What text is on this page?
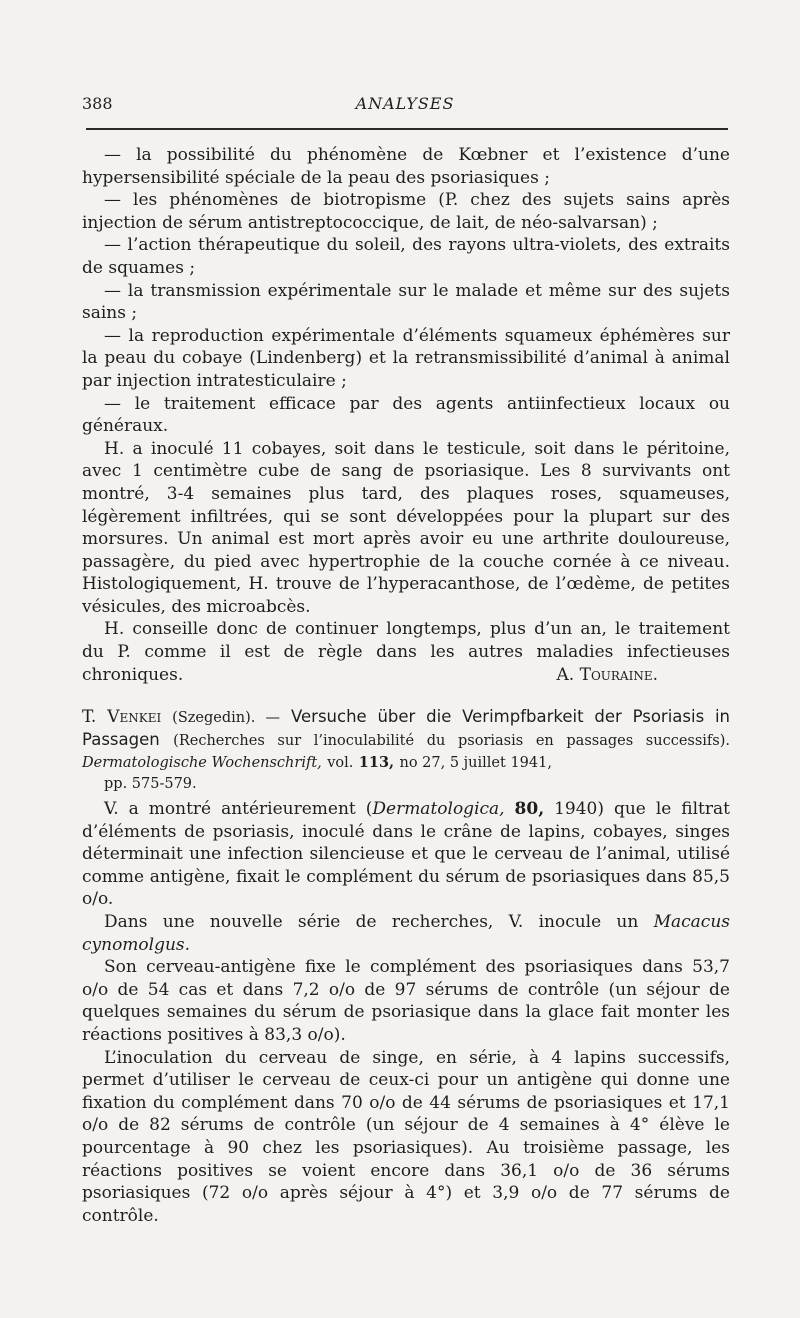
388	ANALYSES

— la possibilité du phénomène de Kœbner et l’existence d’une hypersensibilité spéciale de la peau des psoriasiques ;

— les phénomènes de biotropisme (P. chez des sujets sains après injection de sérum antistreptococcique, de lait, de néo-salvarsan) ;

— l’action thérapeutique du soleil, des rayons ultra-violets, des extraits de squames ;

— la transmission expérimentale sur le malade et même sur des sujets sains ;

— la reproduction expérimentale d’éléments squameux éphémères sur la peau du cobaye (Lindenberg) et la retransmissibilité d’animal à animal par injection intratesticulaire ;

— le traitement efficace par des agents antiinfectieux locaux ou généraux.

H. a inoculé 11 cobayes, soit dans le testicule, soit dans le péritoine, avec 1 centimètre cube de sang de psoriasique. Les 8 survivants ont montré, 3-4 semaines plus tard, des plaques roses, squameuses, légèrement infiltrées, qui se sont développées pour la plupart sur des morsures. Un animal est mort après avoir eu une arthrite douloureuse, passagère, du pied avec hypertrophie de la couche cornée à ce niveau. Histologiquement, H. trouve de l’hyperacanthose, de l’œdème, de petites vésicules, des microabcès.

H. conseille donc de continuer longtemps, plus d’un an, le traitement du P. comme il est de règle dans les autres maladies infectieuses chroniques.	A. Touraine.

T. Venkei (Szegedin). — Versuche über die Verimpfbarkeit der Psoriasis in Passagen (Recherches sur l’inoculabilité du psoriasis en passages successifs). Dermatologische Wochenschrift, vol. 113, no 27, 5 juillet 1941,
pp. 575-579.

V. a montré antérieurement (Dermatologica, 80, 1940) que le filtrat d’éléments de psoriasis, inoculé dans le crâne de lapins, cobayes, singes déterminait une infection silencieuse et que le cerveau de l’animal, utilisé comme antigène, fixait le complément du sérum de psoriasiques dans 85,5 o/o.

Dans une nouvelle série de recherches, V. inocule un Macacus cynomolgus.

Son cerveau-antigène fixe le complément des psoriasiques dans 53,7 o/o de 54 cas et dans 7,2 o/o de 97 sérums de contrôle (un séjour de quelques semaines du sérum de psoriasique dans la glace fait monter les réactions positives à 83,3 o/o).

L’inoculation du cerveau de singe, en série, à 4 lapins successifs, permet d’utiliser le cerveau de ceux-ci pour un antigène qui donne une fixation du complément dans 70 o/o de 44 sérums de psoriasiques et 17,1 o/o de 82 sérums de contrôle (un séjour de 4 semaines à 4° élève le pourcentage à 90 chez les psoriasiques). Au troisième passage, les réactions positives se voient encore dans 36,1 o/o de 36 sérums psoriasiques (72 o/o après séjour à 4°) et 3,9 o/o de 77 sérums de contrôle.
